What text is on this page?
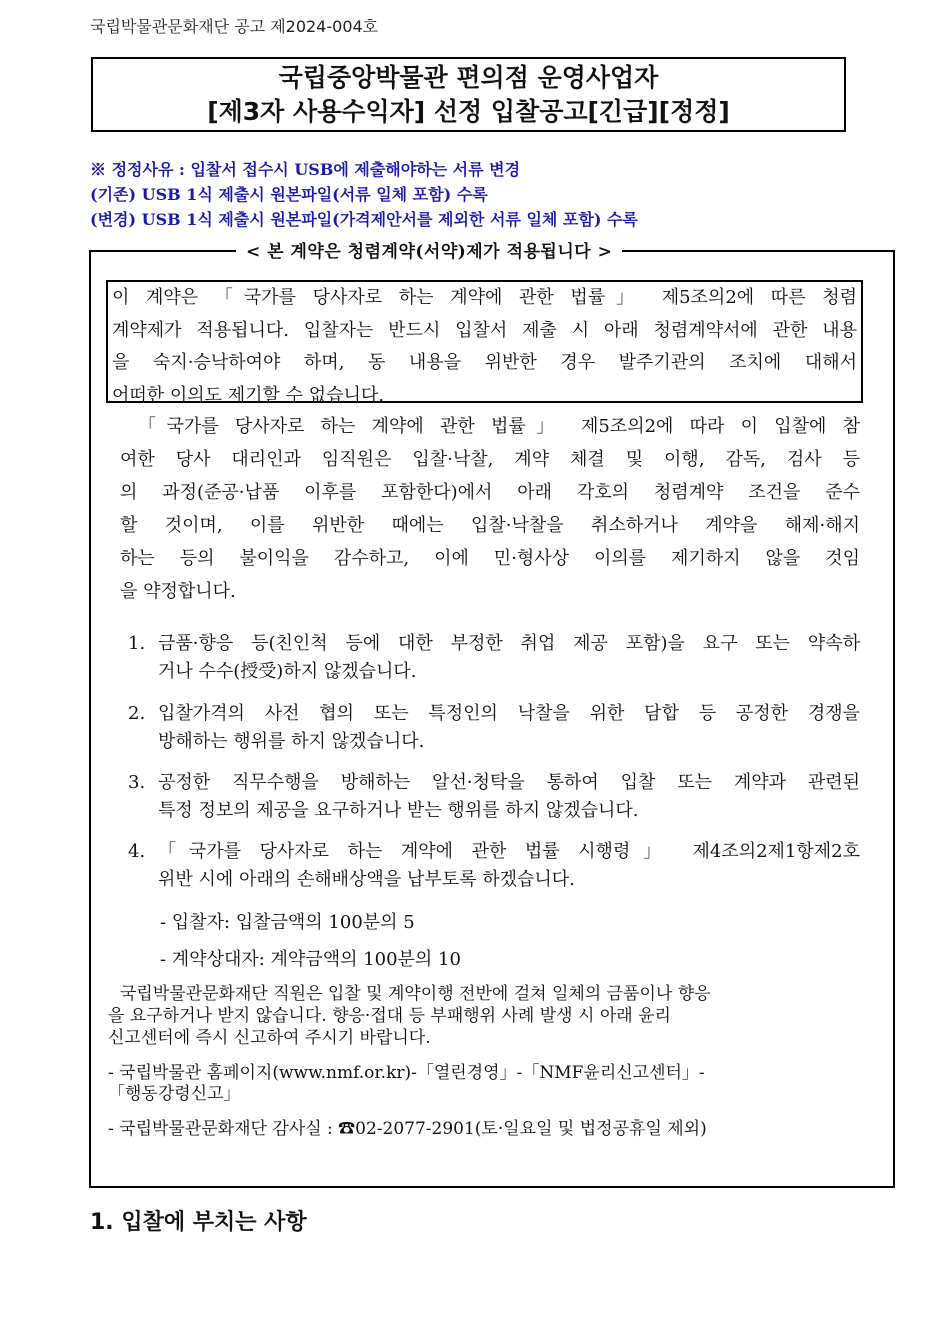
국립박물관문화재단 공고 제2024-004호
국립중앙박물관 편의점 운영사업자
[제3자 사용수익자] 선정 입찰공고[긴급][정정]
※ 정정사유 : 입찰서 접수시 USB에 제출해야하는 서류 변경
(기존) USB 1식 제출시 원본파일(서류 일체 포함) 수록
(변경) USB 1식 제출시 원본파일(가격제안서를 제외한 서류 일체 포함) 수록
< 본 계약은 청렴계약(서약)제가 적용됩니다 >
이 계약은 「국가를 당사자로 하는 계약에 관한 법률」 제5조의2에 따른 청렴
계약제가 적용됩니다. 입찰자는 반드시 입찰서 제출 시 아래 청렴계약서에 관한 내용
을 숙지·승낙하여야 하며, 동 내용을 위반한 경우 발주기관의 조치에 대해서
어떠한 이의도 제기할 수 없습니다.
「국가를 당사자로 하는 계약에 관한 법률」 제5조의2에 따라 이 입찰에 참
여한 당사 대리인과 임직원은 입찰·낙찰, 계약 체결 및 이행, 감독, 검사 등
의 과정(준공·납품 이후를 포함한다)에서 아래 각호의 청렴계약 조건을 준수
할 것이며, 이를 위반한 때에는 입찰·낙찰을 취소하거나 계약을 해제·해지
하는 등의 불이익을 감수하고, 이에 민·형사상 이의를 제기하지 않을 것임
을 약정합니다.
1. 금품·향응 등(친인척 등에 대한 부정한 취업 제공 포함)을 요구 또는 약속하
거나 수수(授受)하지 않겠습니다.
2. 입찰가격의 사전 협의 또는 특정인의 낙찰을 위한 담합 등 공정한 경쟁을
방해하는 행위를 하지 않겠습니다.
3. 공정한 직무수행을 방해하는 알선·청탁을 통하여 입찰 또는 계약과 관련된
특정 정보의 제공을 요구하거나 받는 행위를 하지 않겠습니다.
4. 「국가를 당사자로 하는 계약에 관한 법률 시행령」 제4조의2제1항제2호
위반 시에 아래의 손해배상액을 납부토록 하겠습니다.
- 입찰자: 입찰금액의 100분의 5
- 계약상대자: 계약금액의 100분의 10
국립박물관문화재단 직원은 입찰 및 계약이행 전반에 걸쳐 일체의 금품이나 향응
을 요구하거나 받지 않습니다. 향응·접대 등 부패행위 사례 발생 시 아래 윤리
신고센터에 즉시 신고하여 주시기 바랍니다.
- 국립박물관 홈페이지(www.nmf.or.kr)-「열린경영」-「NMF윤리신고센터」-
「행동강령신고」
- 국립박물관문화재단 감사실 : ☎02-2077-2901(토·일요일 및 법정공휴일 제외)
1. 입찰에 부치는 사항
